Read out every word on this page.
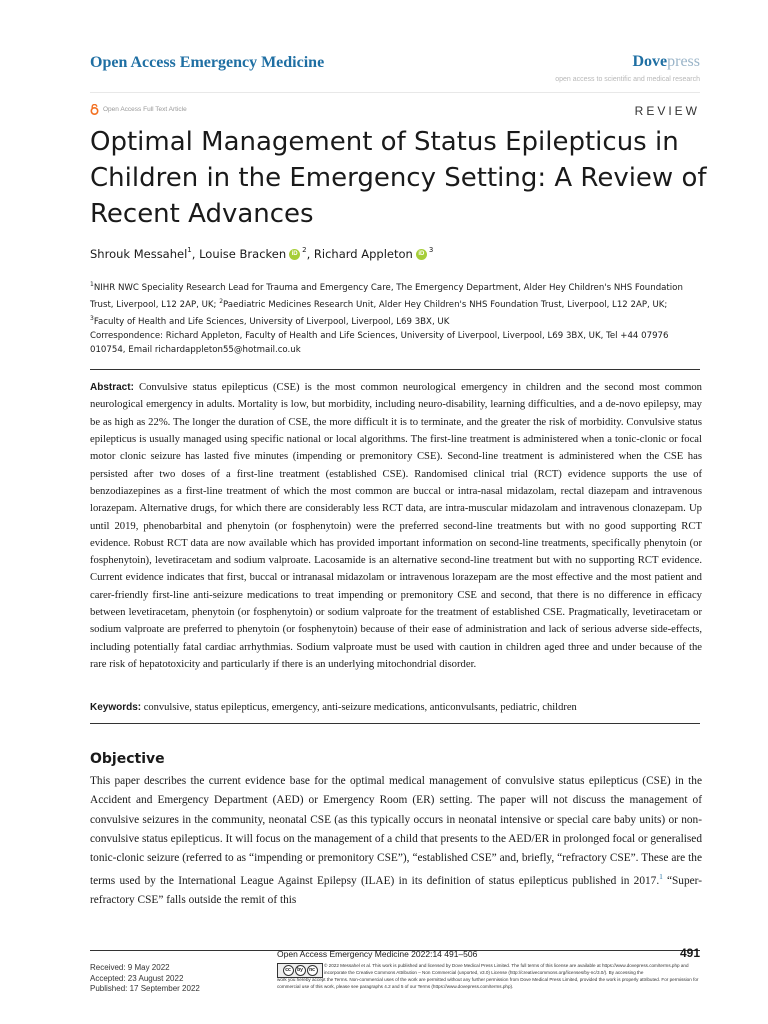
Open Access Emergency Medicine	Dovepress
open access to scientific and medical research
Open Access Full Text Article	REVIEW
Optimal Management of Status Epilepticus in Children in the Emergency Setting: A Review of Recent Advances
Shrouk Messahel$^1$ , Louise Bracken iD $^2$ , Richard Appleton iD $^3$

$^1$NIHR NWC Speciality Research Lead for Trauma and Emergency Care, The Emergency Department, Alder Hey Children's NHS Foundation Trust, Liverpool, L12 2AP, UK; $^2$Paediatric Medicines Research Unit, Alder Hey Children's NHS Foundation Trust, Liverpool, L12 2AP, UK; $^3$Faculty of Health and Life Sciences, University of Liverpool, Liverpool, L69 3BX, UK

Correspondence: Richard Appleton, Faculty of Health and Life Sciences, University of Liverpool, Liverpool, L69 3BX, UK, Tel +44 07976 010754, Email richardappleton55@hotmail.co.uk

Abstract: Convulsive status epilepticus (CSE) is the most common neurological emergency in children and the second most common neurological emergency in adults. Mortality is low, but morbidity, including neuro-disability, learning difficulties, and a de-novo epilepsy, may be as high as 22%. The longer the duration of CSE, the more difficult it is to terminate, and the greater the risk of morbidity. Convulsive status epilepticus is usually managed using specific national or local algorithms. The first-line treatment is administered when a tonic-clonic or focal motor clonic seizure has lasted five minutes (impending or premonitory CSE). Second-line treatment is administered when the CSE has persisted after two doses of a first-line treatment (established CSE). Randomised clinical trial (RCT) evidence supports the use of benzodiazepines as a first-line treatment of which the most common are buccal or intra-nasal midazolam, rectal diazepam and intravenous lorazepam. Alternative drugs, for which there are considerably less RCT data, are intra-muscular midazolam and intravenous clonazepam. Up until 2019, phenobarbital and phenytoin (or fosphenytoin) were the preferred second-line treatments but with no good supporting RCT evidence. Robust RCT data are now available which has provided important information on second-line treatments, specifically phenytoin (or fosphenytoin), levetiracetam and sodium valproate. Lacosamide is an alternative second-line treatment but with no supporting RCT evidence. Current evidence indicates that first, buccal or intranasal midazolam or intravenous lorazepam are the most effective and the most patient and carer-friendly first-line anti-seizure medications to treat impending or premonitory CSE and second, that there is no difference in efficacy between levetiracetam, phenytoin (or fosphenytoin) or sodium valproate for the treatment of established CSE. Pragmatically, levetiracetam or sodium valproate are preferred to phenytoin (or fosphenytoin) because of their ease of administration and lack of serious adverse side-effects, including potentially fatal cardiac arrhythmias. Sodium valproate must be used with caution in children aged three and under because of the rare risk of hepatotoxicity and particularly if there is an underlying mitochondrial disorder.

Keywords: convulsive, status epilepticus, emergency, anti-seizure medications, anticonvulsants, pediatric, children

Objective

This paper describes the current evidence base for the optimal medical management of convulsive status epilepticus (CSE) in the Accident and Emergency Department (AED) or Emergency Room (ER) setting. The paper will not discuss the management of convulsive seizures in the community, neonatal CSE (as this typically occurs in neonatal intensive or special care baby units) or non-convulsive status epilepticus. It will focus on the management of a child that presents to the AED/ER in prolonged focal or generalised tonic-clonic seizure (referred to as “impending or premonitory CSE”), “established CSE” and, briefly, “refractory CSE”. These are the terms used by the International League Against Epilepsy (ILAE) in its definition of status epilepticus published in 2017.$^1$ “Super-refractory CSE” falls outside the remit of this

Received: 9 May 2022
Accepted: 23 August 2022
Published: 17 September 2022
Open Access Emergency Medicine 2022:14 491–506	491
cc	by	nc

© 2022 Messahel et al. This work is published and licensed by Dove Medical Press Limited. The full terms of this license are available at https://www.dovepress.com/terms.php and incorporate the Creative Commons Attribution – Non Commercial (unported, v3.0) License (http://creativecommons.org/licenses/by-nc/3.0/). By accessing the

work you hereby accept the Terms. Non-commercial uses of the work are permitted without any further permission from Dove Medical Press Limited, provided the work is properly attributed. For permission for commercial use of this work, please see paragraphs 4.2 and 5 of our Terms (https://www.dovepress.com/terms.php).
